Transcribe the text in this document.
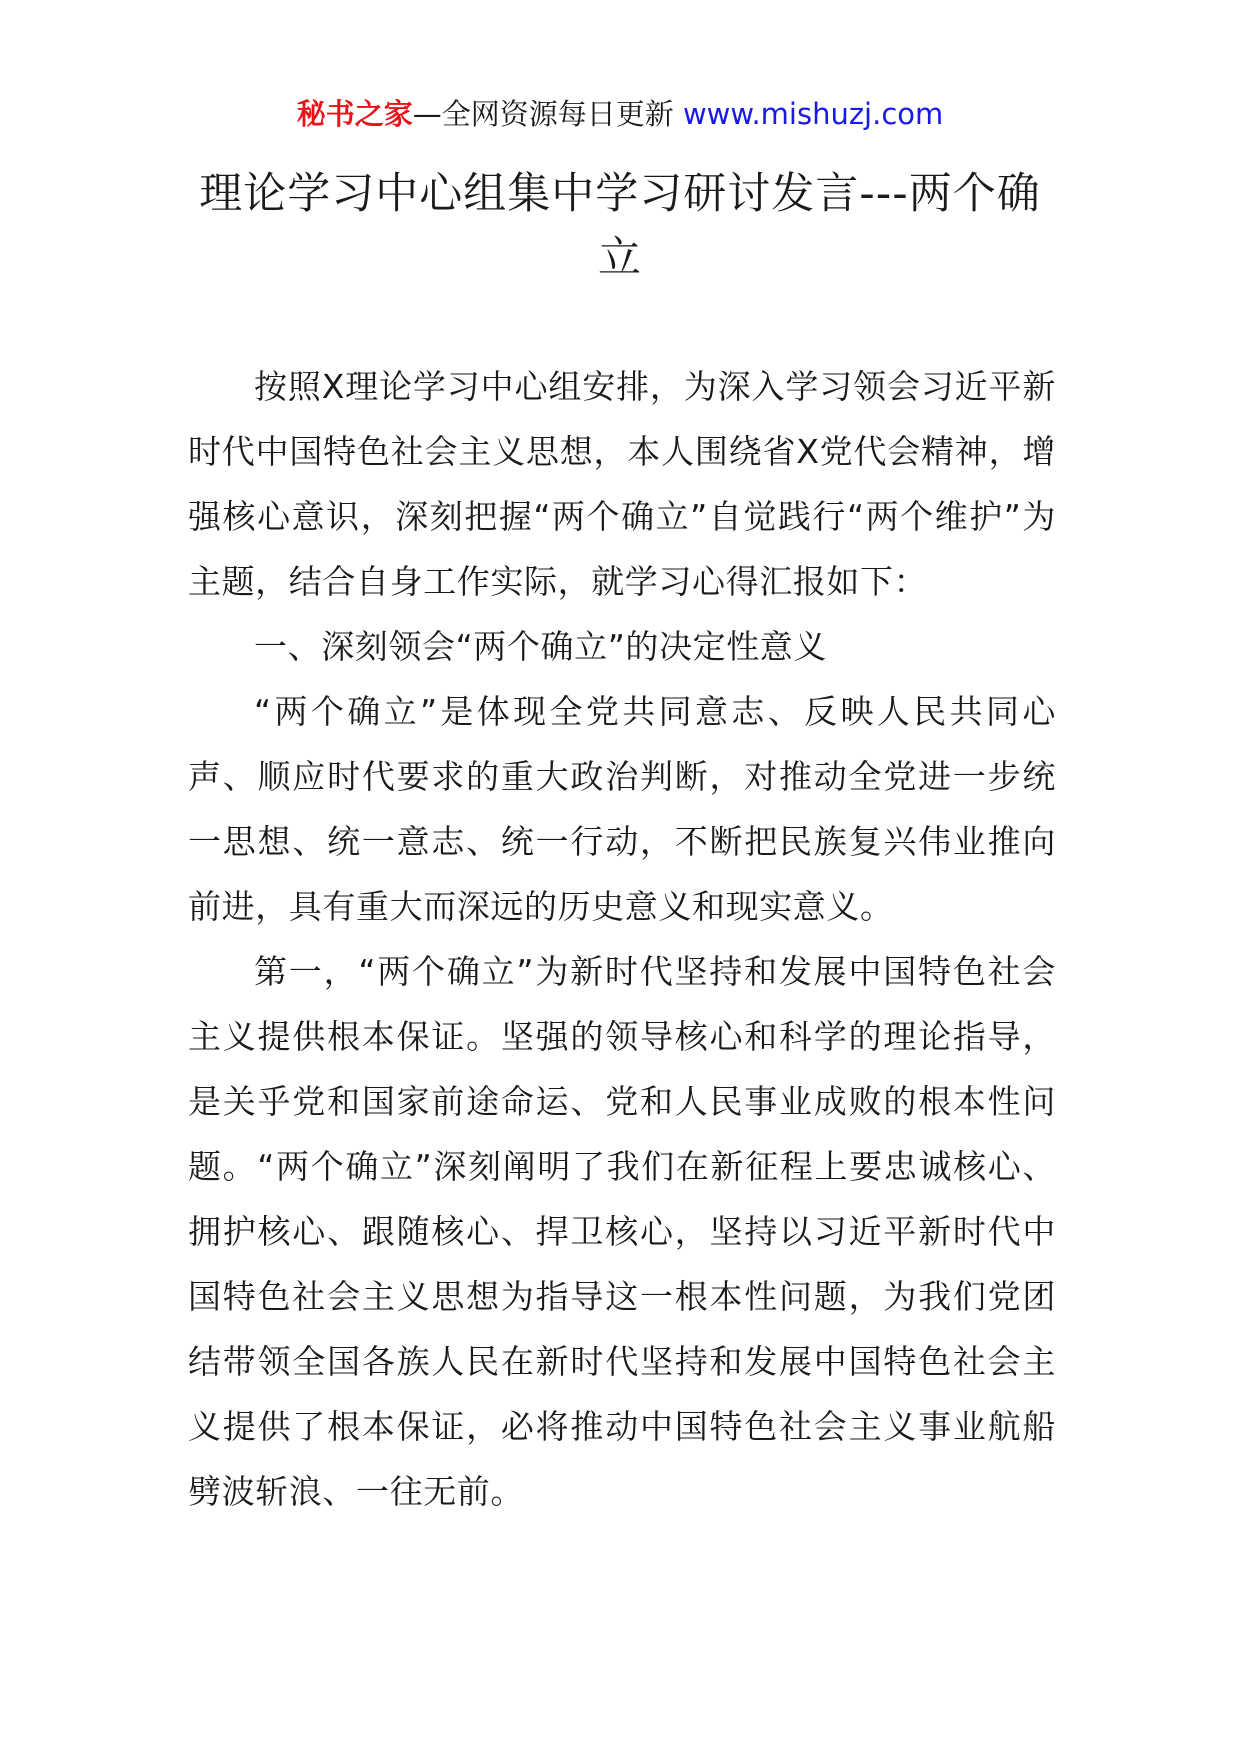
秘书之家—全网资源每日更新 www.mishuzj.com
理论学习中心组集中学习研讨发言---两个确立

按照X理论学习中心组安排，为深入学习领会习近平新时代中国特色社会主义思想，本人围绕省X党代会精神，增强核心意识，深刻把握“两个确立”自觉践行“两个维护”为主题，结合自身工作实际，就学习心得汇报如下：

一、深刻领会“两个确立”的决定性意义

“两个确立”是体现全党共同意志、反映人民共同心声、顺应时代要求的重大政治判断，对推动全党进一步统一思想、统一意志、统一行动，不断把民族复兴伟业推向前进，具有重大而深远的历史意义和现实意义。

第一，“两个确立”为新时代坚持和发展中国特色社会主义提供根本保证。坚强的领导核心和科学的理论指导，是关乎党和国家前途命运、党和人民事业成败的根本性问题。“两个确立”深刻阐明了我们在新征程上要忠诚核心、拥护核心、跟随核心、捍卫核心，坚持以习近平新时代中国特色社会主义思想为指导这一根本性问题，为我们党团结带领全国各族人民在新时代坚持和发展中国特色社会主义提供了根本保证，必将推动中国特色社会主义事业航船劈波斩浪、一往无前。
